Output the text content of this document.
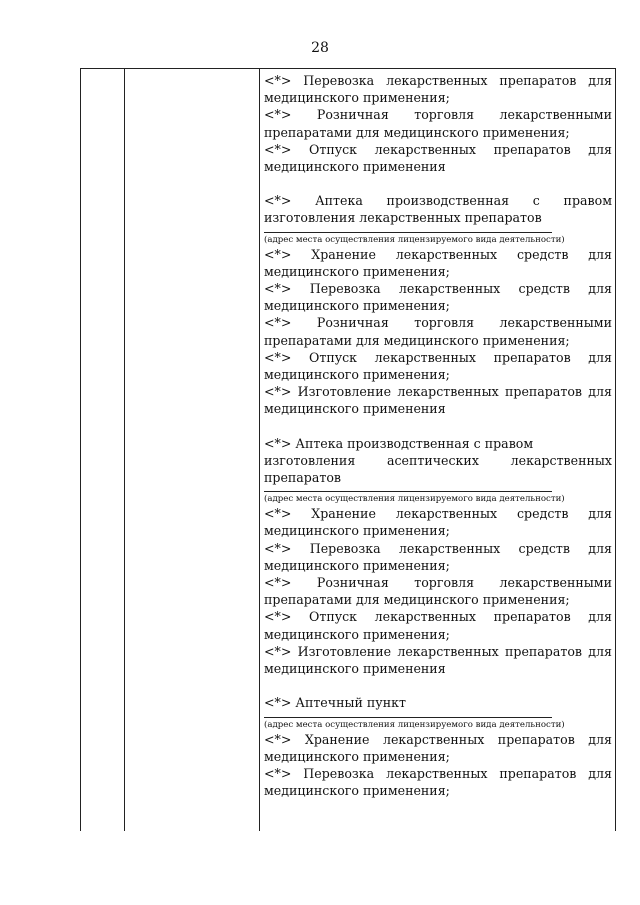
28
<*> Перевозка лекарственных препаратов для
медицинского применения;
<*> Розничная торговля лекарственными
препаратами для медицинского применения;
<*> Отпуск лекарственных препаратов для
медицинского применения
<*> Аптека производственная с правом
изготовления лекарственных препаратов
(адрес места осуществления лицензируемого вида деятельности)
<*> Хранение лекарственных средств для
медицинского применения;
<*> Перевозка лекарственных средств для
медицинского применения;
<*> Розничная торговля лекарственными
препаратами для медицинского применения;
<*> Отпуск лекарственных препаратов для
медицинского применения;
<*> Изготовление лекарственных препаратов для
медицинского применения
<*> Аптека производственная с правом
изготовления асептических лекарственных
препаратов
(адрес места осуществления лицензируемого вида деятельности)
<*> Хранение лекарственных средств для
медицинского применения;
<*> Перевозка лекарственных средств для
медицинского применения;
<*> Розничная торговля лекарственными
препаратами для медицинского применения;
<*> Отпуск лекарственных препаратов для
медицинского применения;
<*> Изготовление лекарственных препаратов для
медицинского применения
<*> Аптечный пункт
(адрес места осуществления лицензируемого вида деятельности)
<*> Хранение лекарственных препаратов для
медицинского применения;
<*> Перевозка лекарственных препаратов для
медицинского применения;
